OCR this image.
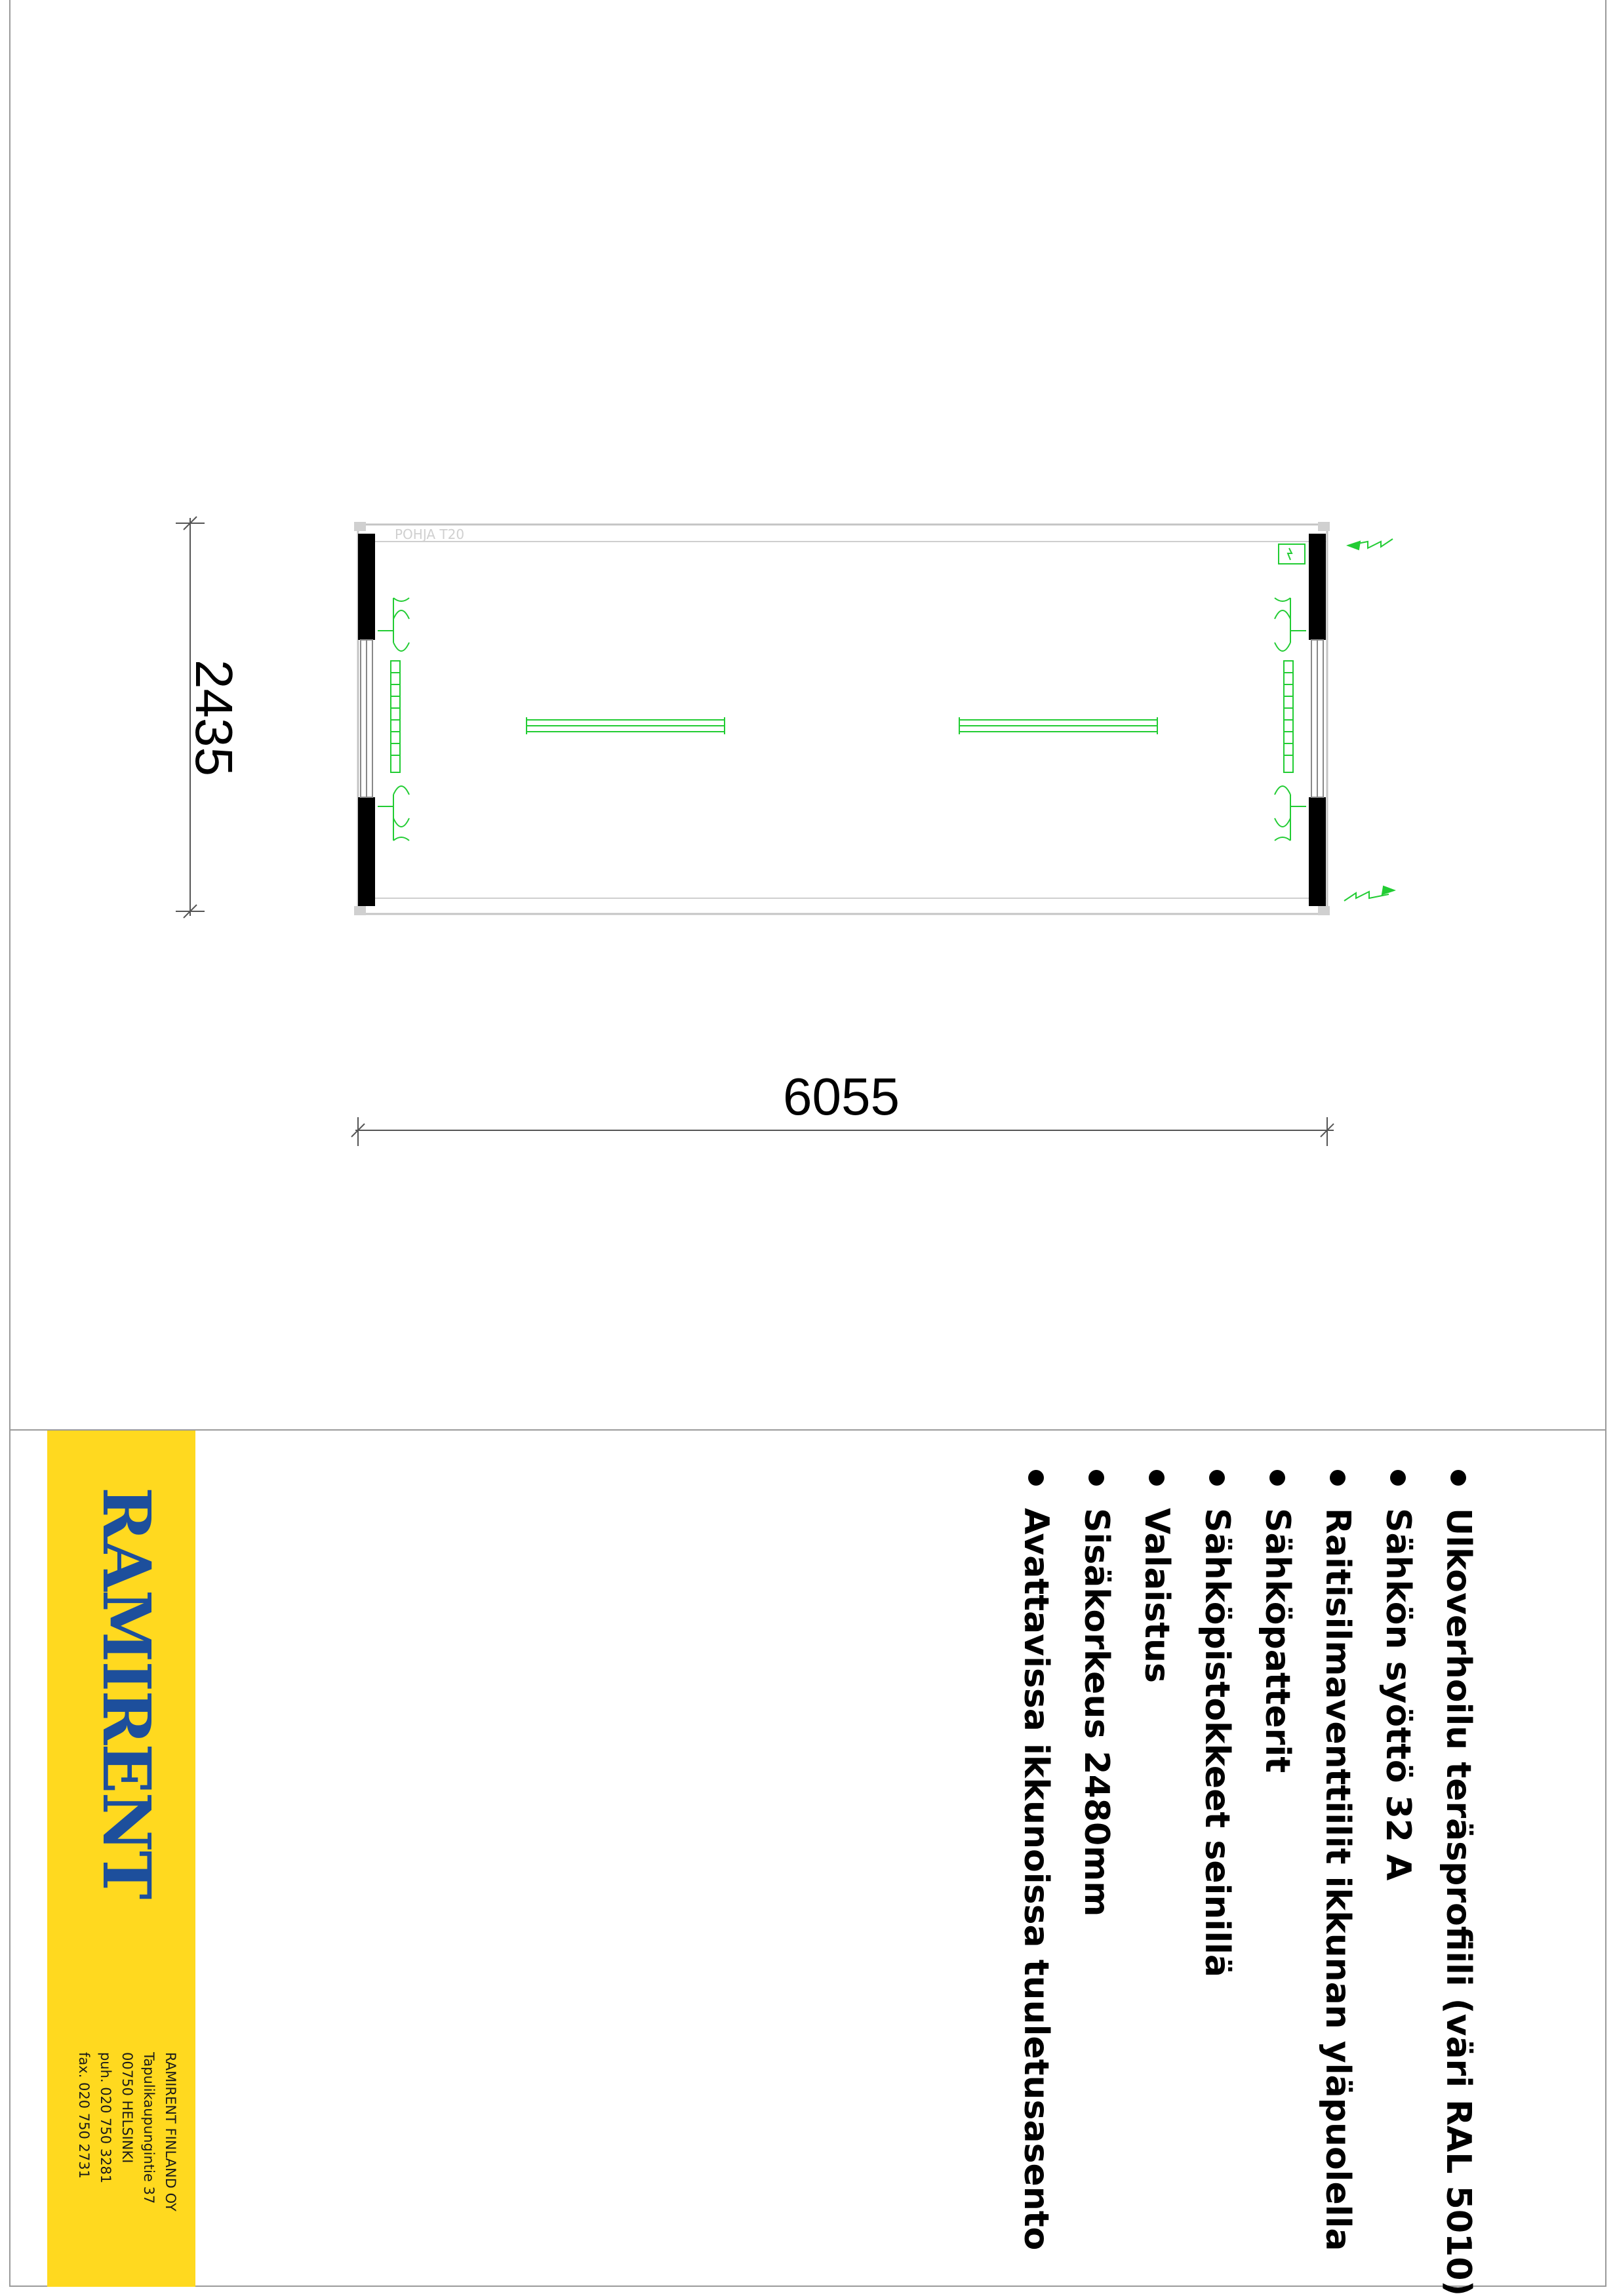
2435
6055
POHJA T20
RAMIRENT
RAMIRENT FINLAND OY
Tapulikaupungintie 37
00750 HELSINKI
puh. 020 750 3281
fax. 020 750 2731	Ulkoverhoilu teräsprofiili (väri RAL 5010)
Sähkön syöttö 32 A
Raitisilmaventtiilit ikkunan yläpuolella
Sähköpatterit
Sähköpistokkeet seinillä
Valaistus
Sisäkorkeus 2480mm
Avattavissa ikkunoissa tuuletusasento
